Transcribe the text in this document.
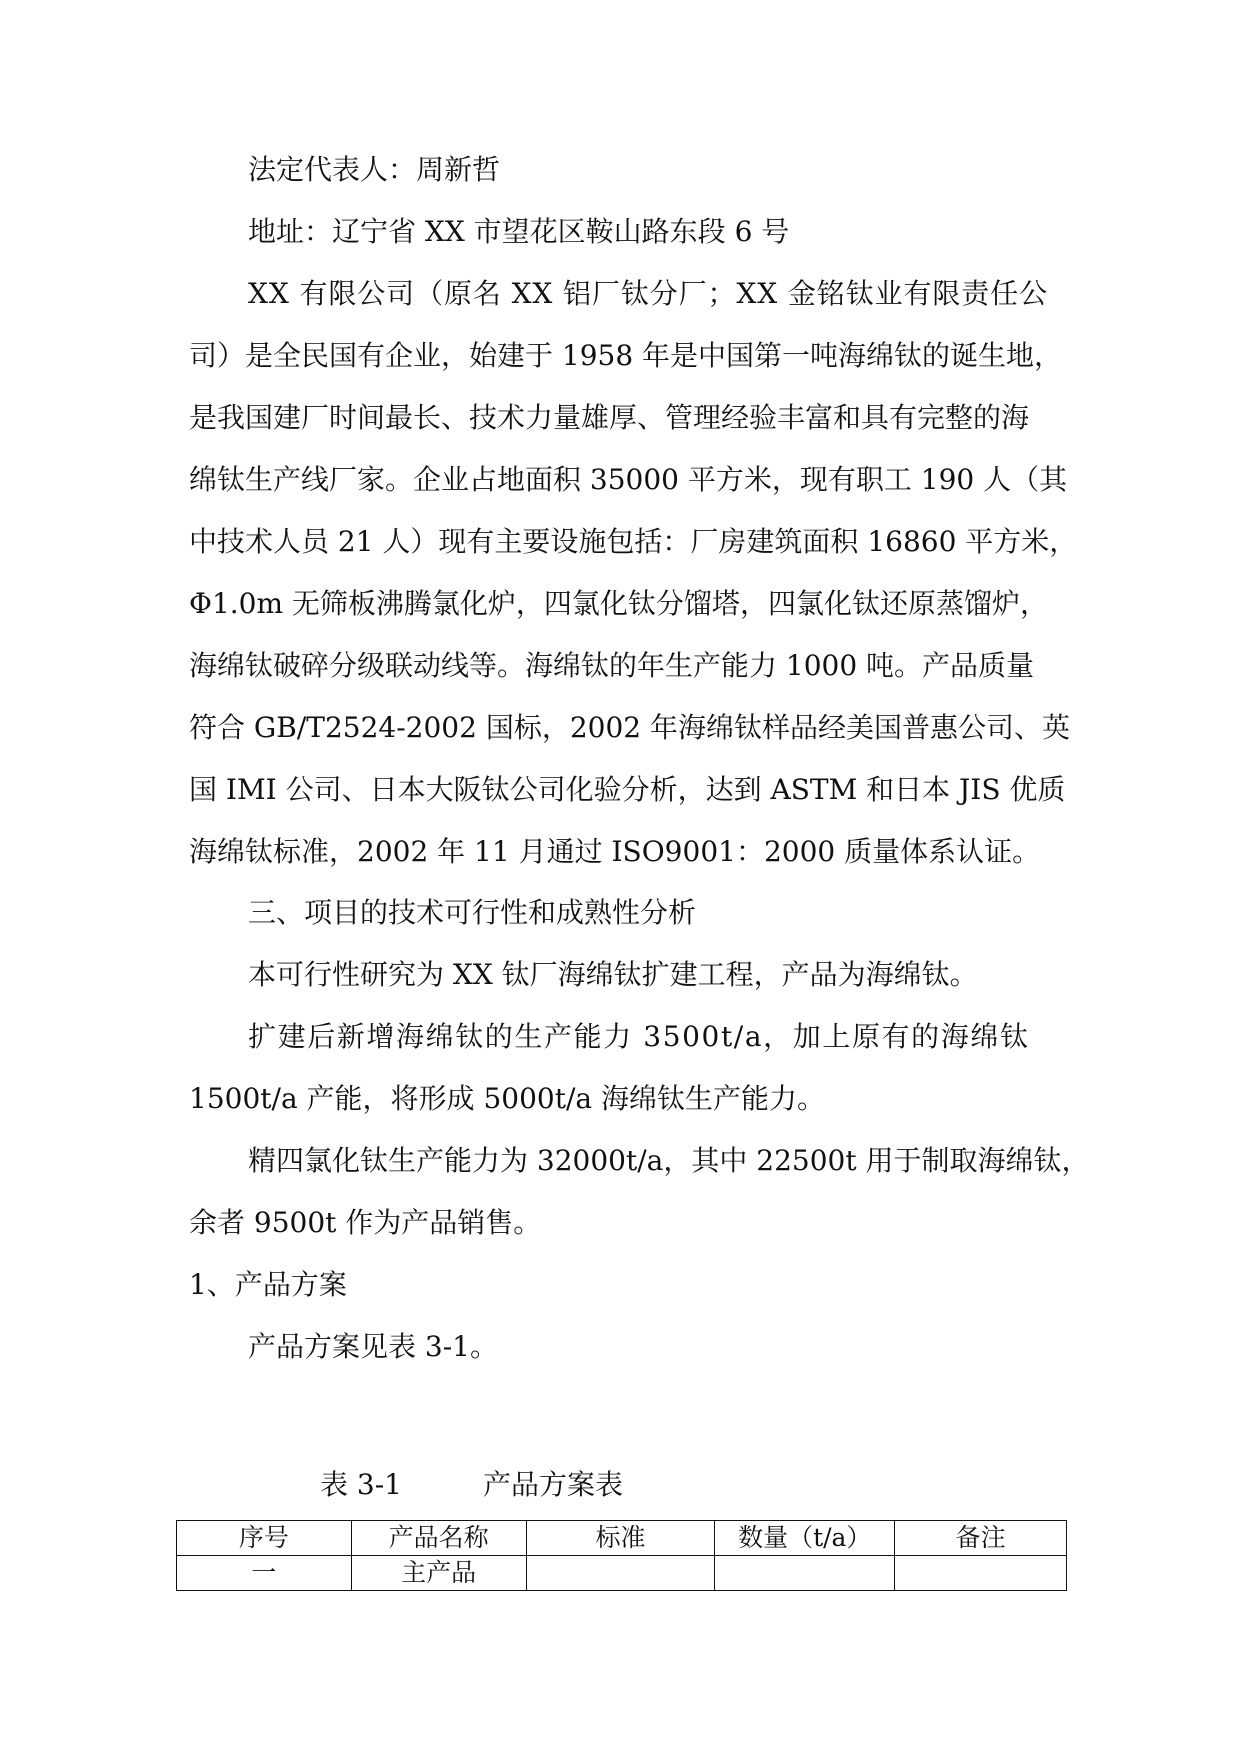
法定代表人：周新哲
地址：辽宁省 XX 市望花区鞍山路东段 6 号
XX 有限公司（原名 XX 铝厂钛分厂；XX 金铭钛业有限责任公
司）是全民国有企业，始建于 1958 年是中国第一吨海绵钛的诞生地，
是我国建厂时间最长、技术力量雄厚、管理经验丰富和具有完整的海
绵钛生产线厂家。企业占地面积 35000 平方米，现有职工 190 人（其
中技术人员 21 人）现有主要设施包括：厂房建筑面积 16860 平方米，
Φ1.0m 无筛板沸腾氯化炉，四氯化钛分馏塔，四氯化钛还原蒸馏炉，
海绵钛破碎分级联动线等。海绵钛的年生产能力 1000 吨。产品质量
符合 GB/T2524-2002 国标，2002 年海绵钛样品经美国普惠公司、英
国 IMI 公司、日本大阪钛公司化验分析，达到 ASTM 和日本 JIS 优质
海绵钛标准，2002 年 11 月通过 ISO9001：2000 质量体系认证。
三、项目的技术可行性和成熟性分析
本可行性研究为 XX 钛厂海绵钛扩建工程，产品为海绵钛。
扩建后新增海绵钛的生产能力 3500t/a，加上原有的海绵钛
1500t/a 产能，将形成 5000t/a 海绵钛生产能力。
精四氯化钛生产能力为 32000t/a，其中 22500t 用于制取海绵钛，
余者 9500t 作为产品销售。
1、产品方案
产品方案见表 3-1。
表 3-1	产品方案表
序号	产品名称	标准	数量（t/a）	备注
一	主产品			
